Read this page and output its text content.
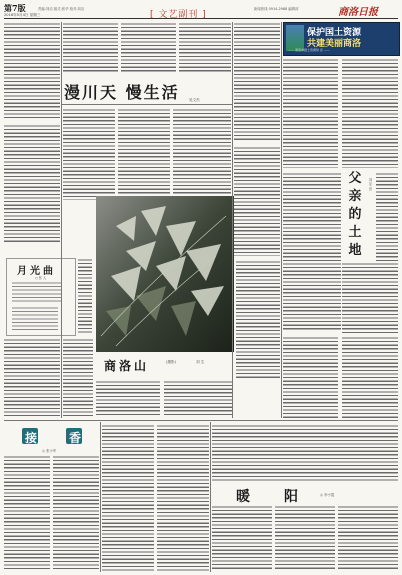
第7版
2016年5月4日 星期三
责编:刘洁 版式:张华 校对:刘洁	新闻热线 0914-2988 编辑部	商洛日报
[ 文艺副刊 ]
漫川天 慢生活	吴文杰
保护国土资源
共建美丽商洛
—— 商洛市国土资源局 宣 ——

父
亲
的
土
地
刘 军 田
月光曲
○ 张 人
商洛山	(摄影)	刘 生
接	香
◎ 张小军
暖 阳	◎ 李小霞
